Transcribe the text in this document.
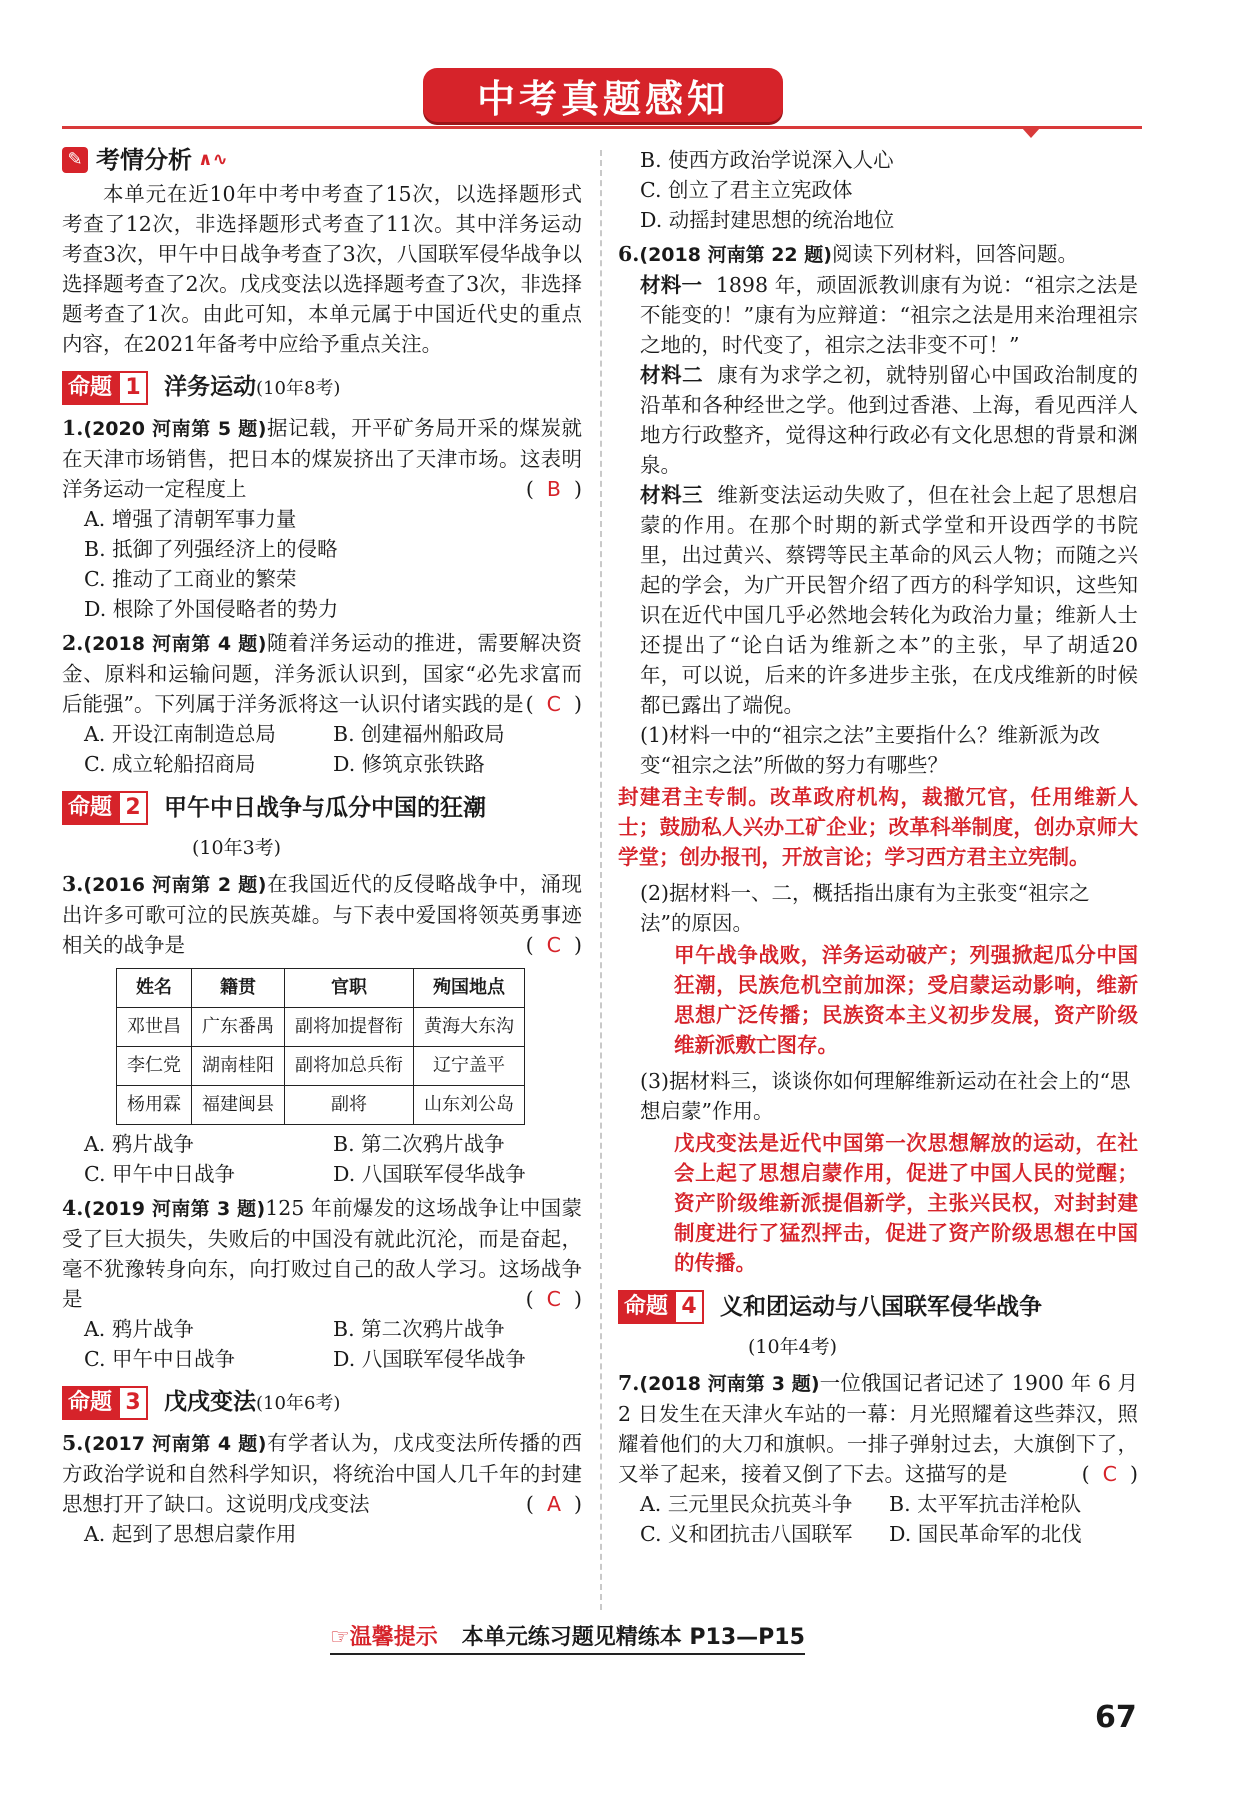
中考真题感知
✎ 考情分析 ∧∿

本单元在近10年中考中考查了15次，以选择题形式考查了12次，非选择题形式考查了11次。其中洋务运动考查3次，甲午中日战争考查了3次，八国联军侵华战争以选择题考查了2次。戊戌变法以选择题考查了3次，非选择题考查了1次。由此可知，本单元属于中国近代史的重点内容，在2021年备考中应给予重点关注。

命题 1	洋务运动(10年8考)
1.(2020 河南第 5 题)据记载，开平矿务局开采的煤炭就在天津市场销售，把日本的煤炭挤出了天津市场。这表明洋务运动一定程度上	(  B  )
A. 增强了清朝军事力量
B. 抵御了列强经济上的侵略
C. 推动了工商业的繁荣
D. 根除了外国侵略者的势力
2.(2018 河南第 4 题)随着洋务运动的推进，需要解决资金、原料和运输问题，洋务派认识到，国家“必先求富而后能强”。下列属于洋务派将这一认识付诸实践的是 (  C  )
A. 开设江南制造总局	B. 创建福州船政局
C. 成立轮船招商局	D. 修筑京张铁路
命题 2	甲午中日战争与瓜分中国的狂潮
(10年3考)
3.(2016 河南第 2 题)在我国近代的反侵略战争中，涌现出许多可歌可泣的民族英雄。与下表中爱国将领英勇事迹相关的战争是	(  C  )
姓名	籍贯	官职	殉国地点
邓世昌	广东番禺	副将加提督衔	黄海大东沟
李仁党	湖南桂阳	副将加总兵衔	辽宁盖平
杨用霖	福建闽县	副将	山东刘公岛
A. 鸦片战争	B. 第二次鸦片战争
C. 甲午中日战争	D. 八国联军侵华战争
4.(2019 河南第 3 题)125 年前爆发的这场战争让中国蒙受了巨大损失，失败后的中国没有就此沉沦，而是奋起，毫不犹豫转身向东，向打败过自己的敌人学习。这场战争是	(  C  )
A. 鸦片战争	B. 第二次鸦片战争
C. 甲午中日战争	D. 八国联军侵华战争
命题 3	戊戌变法(10年6考)
5.(2017 河南第 4 题)有学者认为，戊戌变法所传播的西方政治学说和自然科学知识，将统治中国人几千年的封建思想打开了缺口。这说明戊戌变法	(  A  )
A. 起到了思想启蒙作用
B. 使西方政治学说深入人心
C. 创立了君主立宪政体
D. 动摇封建思想的统治地位
6.(2018 河南第 22 题)阅读下列材料，回答问题。

材料一 1898 年，顽固派教训康有为说：“祖宗之法是不能变的！”康有为应辩道：“祖宗之法是用来治理祖宗之地的，时代变了，祖宗之法非变不可！”

材料二 康有为求学之初，就特别留心中国政治制度的沿革和各种经世之学。他到过香港、上海，看见西洋人地方行政整齐，觉得这种行政必有文化思想的背景和渊泉。

材料三 维新变法运动失败了，但在社会上起了思想启蒙的作用。在那个时期的新式学堂和开设西学的书院里，出过黄兴、蔡锷等民主革命的风云人物；而随之兴起的学会，为广开民智介绍了西方的科学知识，这些知识在近代中国几乎必然地会转化为政治力量；维新人士还提出了“论白话为维新之本”的主张，早了胡适20年，可以说，后来的许多进步主张，在戊戌维新的时候都已露出了端倪。

(1)材料一中的“祖宗之法”主要指什么？维新派为改变“祖宗之法”所做的努力有哪些？

封建君主专制。改革政府机构，裁撤冗官，任用维新人士；鼓励私人兴办工矿企业；改革科举制度，创办京师大学堂；创办报刊，开放言论；学习西方君主立宪制。

(2)据材料一、二，概括指出康有为主张变“祖宗之法”的原因。

甲午战争战败，洋务运动破产；列强掀起瓜分中国狂潮，民族危机空前加深；受启蒙运动影响，维新思想广泛传播；民族资本主义初步发展，资产阶级维新派敷亡图存。

(3)据材料三，谈谈你如何理解维新运动在社会上的“思想启蒙”作用。

戊戌变法是近代中国第一次思想解放的运动，在社会上起了思想启蒙作用，促进了中国人民的觉醒；资产阶级维新派提倡新学，主张兴民权，对封封建制度进行了猛烈抨击，促进了资产阶级思想在中国的传播。

命题 4	义和团运动与八国联军侵华战争
(10年4考)
7.(2018 河南第 3 题)一位俄国记者记述了 1900 年 6 月 2 日发生在天津火车站的一幕：月光照耀着这些莽汉，照耀着他们的大刀和旗帜。一排子弹射过去，大旗倒下了，又举了起来，接着又倒了下去。这描写的是	(  C  )
A. 三元里民众抗英斗争	B. 太平军抗击洋枪队
C. 义和团抗击八国联军	D. 国民革命军的北伐
☞温馨提示 本单元练习题见精练本 P13—P15
67
